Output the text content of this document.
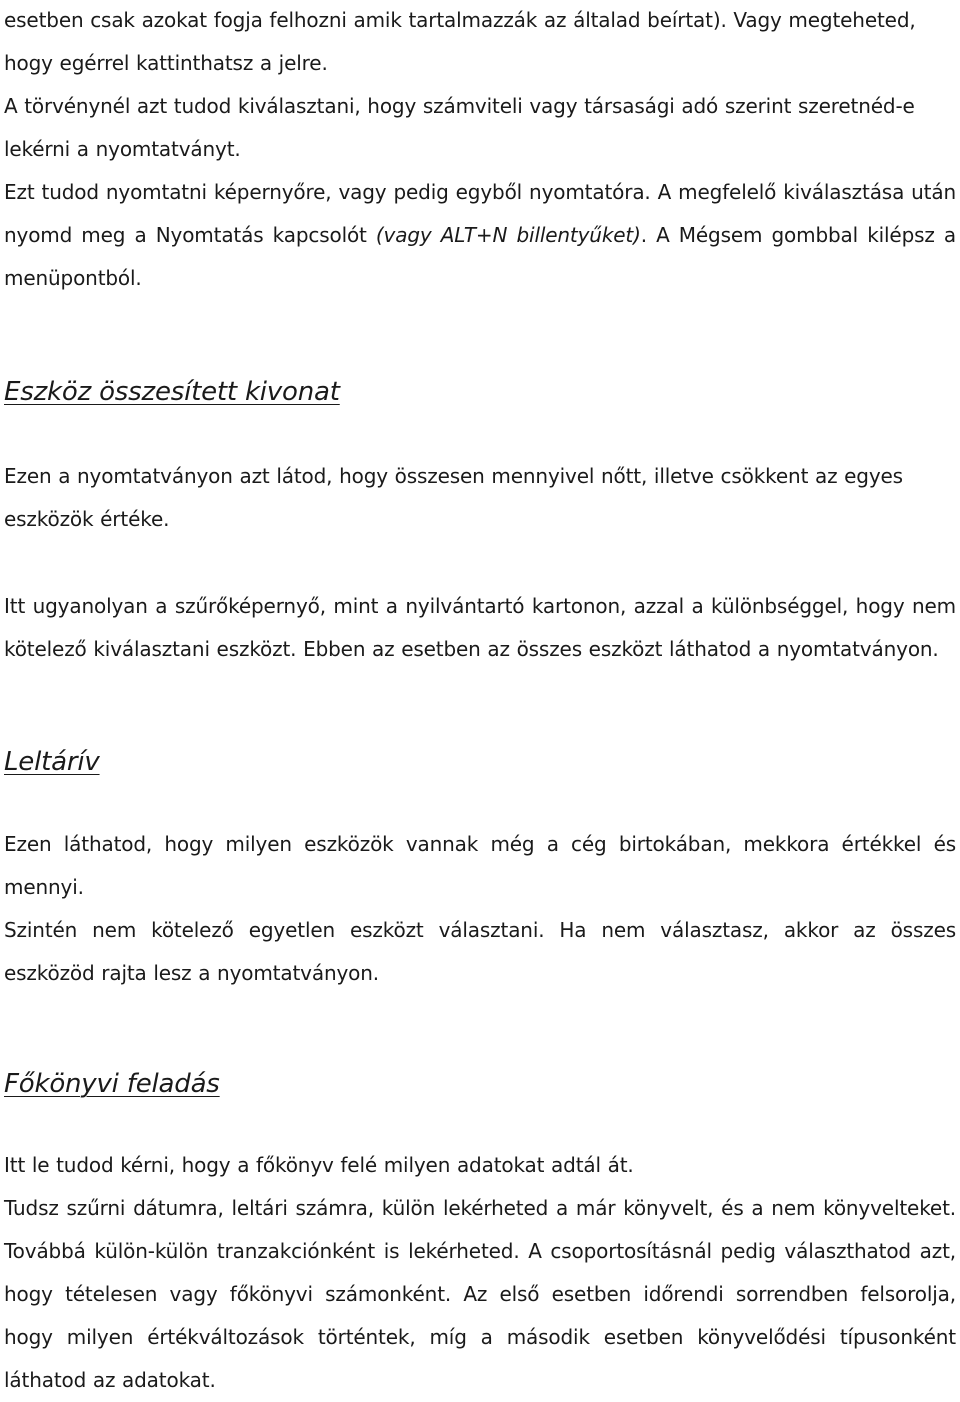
esetben csak azokat fogja felhozni amik tartalmazzák az általad beírtat). Vagy megteheted, hogy egérrel kattinthatsz a jelre.

A törvénynél azt tudod kiválasztani, hogy számviteli vagy társasági adó szerint szeretnéd-e lekérni a nyomtatványt.

Ezt tudod nyomtatni képernyőre, vagy pedig egyből nyomtatóra. A megfelelő kiválasztása után nyomd meg a Nyomtatás kapcsolót (vagy ALT+N billentyűket). A Mégsem gombbal kilépsz a menüpontból.

Eszköz összesített kivonat

Ezen a nyomtatványon azt látod, hogy összesen mennyivel nőtt, illetve csökkent az egyes eszközök értéke.

Itt ugyanolyan a szűrőképernyő, mint a nyilvántartó kartonon, azzal a különbséggel, hogy nem kötelező kiválasztani eszközt. Ebben az esetben az összes eszközt láthatod a nyomtatványon.

Leltárív

Ezen láthatod, hogy milyen eszközök vannak még a cég birtokában, mekkora értékkel és mennyi.

Szintén nem kötelező egyetlen eszközt választani. Ha nem választasz, akkor az összes eszközöd rajta lesz a nyomtatványon.

Főkönyvi feladás

Itt le tudod kérni, hogy a főkönyv felé milyen adatokat adtál át.

Tudsz szűrni dátumra, leltári számra, külön lekérheted a már könyvelt, és a nem könyvelteket. Továbbá külön-külön tranzakciónként is lekérheted. A csoportosításnál pedig választhatod azt, hogy tételesen vagy főkönyvi számonként. Az első esetben időrendi sorrendben felsorolja, hogy milyen értékváltozások történtek, míg a második esetben könyvelődési típusonként láthatod az adatokat.
